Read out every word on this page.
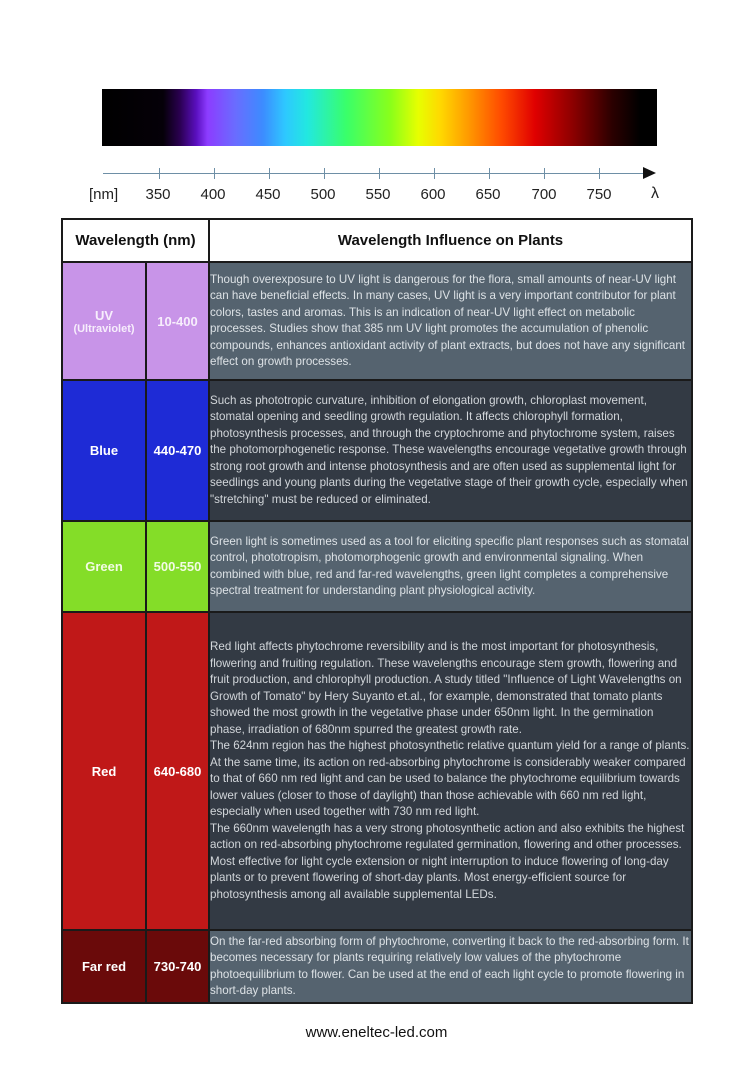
[nm] 350 400 450 500 550 600 650 700 750 λ
Wavelength (nm)		Wavelength Influence on Plants

UV
(Ultraviolet)	10-400	Though overexposure to UV light is dangerous for the flora, small amounts of near-UV light can have beneficial effects. In many cases, UV light is a very important contributor for plant colors, tastes and aromas. This is an indication of near-UV light effect on metabolic processes. Studies show that 385 nm UV light promotes the accumulation of phenolic compounds, enhances antioxidant activity of plant extracts, but does not have any significant effect on growth processes.

Blue	440-470	Such as phototropic curvature, inhibition of elongation growth, chloroplast movement, stomatal opening and seedling growth regulation. It affects chlorophyll formation, photosynthesis processes, and through the cryptochrome and phytochrome system, raises the photomorphogenetic response. These wavelengths encourage vegetative growth through strong root growth and intense photosynthesis and are often used as supplemental light for seedlings and young plants during the vegetative stage of their growth cycle, especially when "stretching" must be reduced or eliminated.

Green	500-550	Green light is sometimes used as a tool for eliciting specific plant responses such as stomatal control, phototropism, photomorphogenic growth and environmental signaling. When combined with blue, red and far-red wavelengths, green light completes a comprehensive spectral treatment for understanding plant physiological activity.

Red	640-680	Red light affects phytochrome reversibility and is the most important for photosynthesis, flowering and fruiting regulation. These wavelengths encourage stem growth, flowering and fruit production, and chlorophyll production. A study titled "Influence of Light Wavelengths on Growth of Tomato" by Hery Suyanto et.al., for example, demonstrated that tomato plants showed the most growth in the vegetative phase under 650nm light. In the germination phase, irradiation of 680nm spurred the greatest growth rate.
The 624nm region has the highest photosynthetic relative quantum yield for a range of plants. At the same time, its action on red-absorbing phytochrome is considerably weaker compared to that of 660 nm red light and can be used to balance the phytochrome equilibrium towards lower values (closer to those of daylight) than those achievable with 660 nm red light, especially when used together with 730 nm red light.
The 660nm wavelength has a very strong photosynthetic action and also exhibits the highest action on red-absorbing phytochrome regulated germination, flowering and other processes. Most effective for light cycle extension or night interruption to induce flowering of long-day plants or to prevent flowering of short-day plants. Most energy-efficient source for photosynthesis among all available supplemental LEDs.

Far red	730-740	On the far-red absorbing form of phytochrome, converting it back to the red-absorbing form. It becomes necessary for plants requiring relatively low values of the phytochrome photoequilibrium to flower. Can be used at the end of each light cycle to promote flowering in short-day plants.
www.eneltec-led.com
